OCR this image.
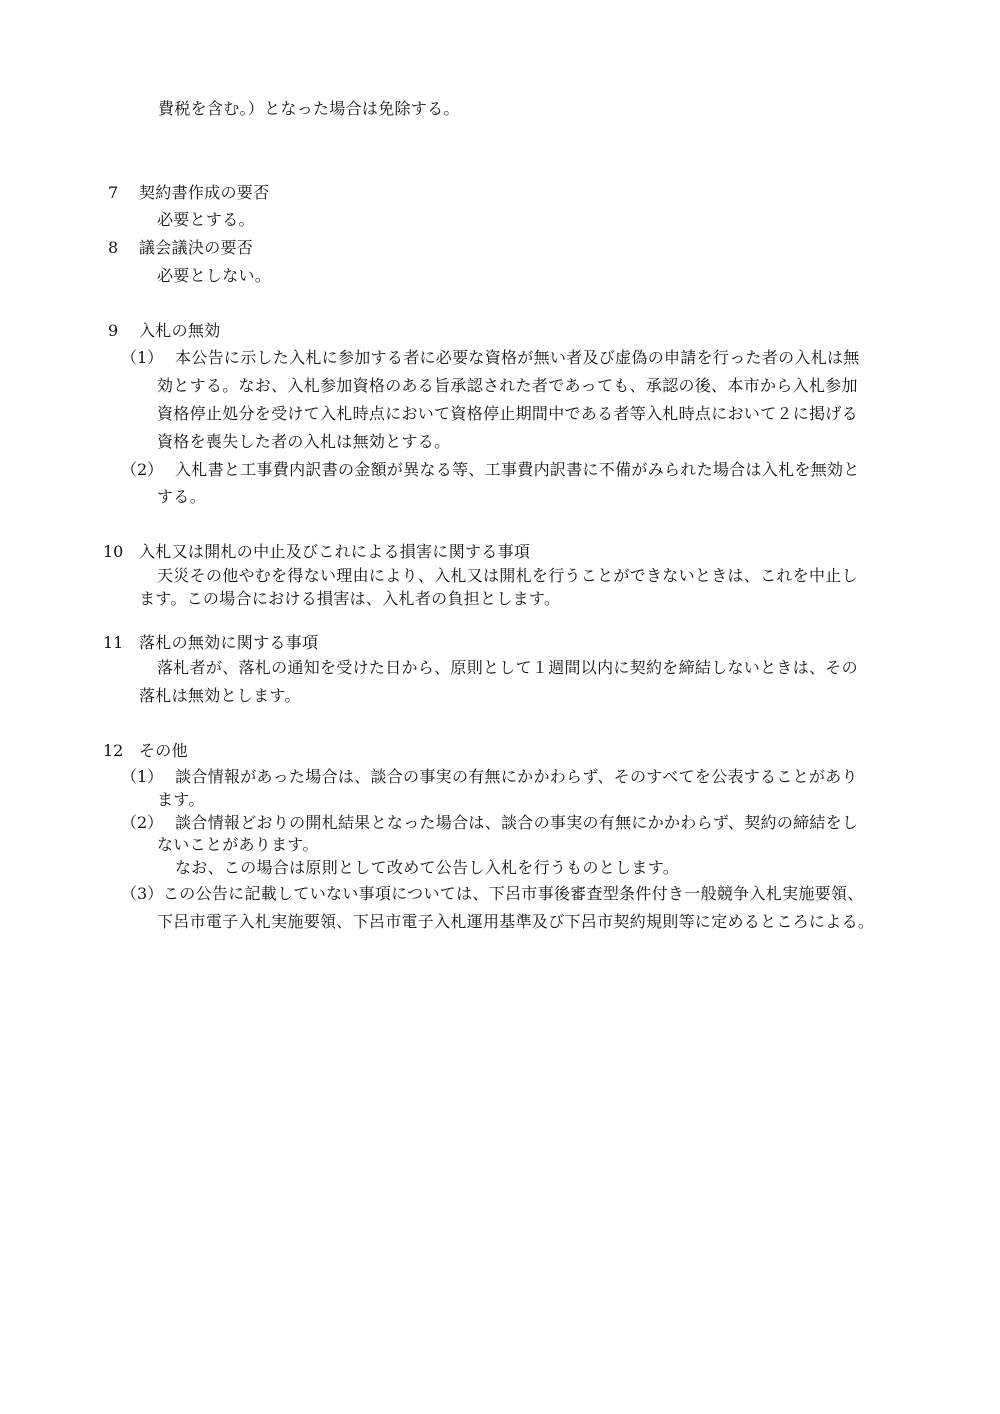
費税を含む。）となった場合は免除する。
7 契約書作成の要否
必要とする。
8 議会議決の要否
必要としない。
9 入札の無効
（1） 本公告に示した入札に参加する者に必要な資格が無い者及び虚偽の申請を行った者の入札は無
効とする。なお、入札参加資格のある旨承認された者であっても、承認の後、本市から入札参加
資格停止処分を受けて入札時点において資格停止期間中である者等入札時点において２に掲げる
資格を喪失した者の入札は無効とする。
（2） 入札書と工事費内訳書の金額が異なる等、工事費内訳書に不備がみられた場合は入札を無効と
する。
10 入札又は開札の中止及びこれによる損害に関する事項
天災その他やむを得ない理由により、入札又は開札を行うことができないときは、これを中止し
ます。この場合における損害は、入札者の負担とします。
11 落札の無効に関する事項
落札者が、落札の通知を受けた日から、原則として１週間以内に契約を締結しないときは、その
落札は無効とします。
12 その他
（1） 談合情報があった場合は、談合の事実の有無にかかわらず、そのすべてを公表することがあり
ます。
（2） 談合情報どおりの開札結果となった場合は、談合の事実の有無にかかわらず、契約の締結をし
ないことがあります。
なお、この場合は原則として改めて公告し入札を行うものとします。
（3） この公告に記載していない事項については、下呂市事後審査型条件付き一般競争入札実施要領、
下呂市電子入札実施要領、下呂市電子入札運用基準及び下呂市契約規則等に定めるところによる。
